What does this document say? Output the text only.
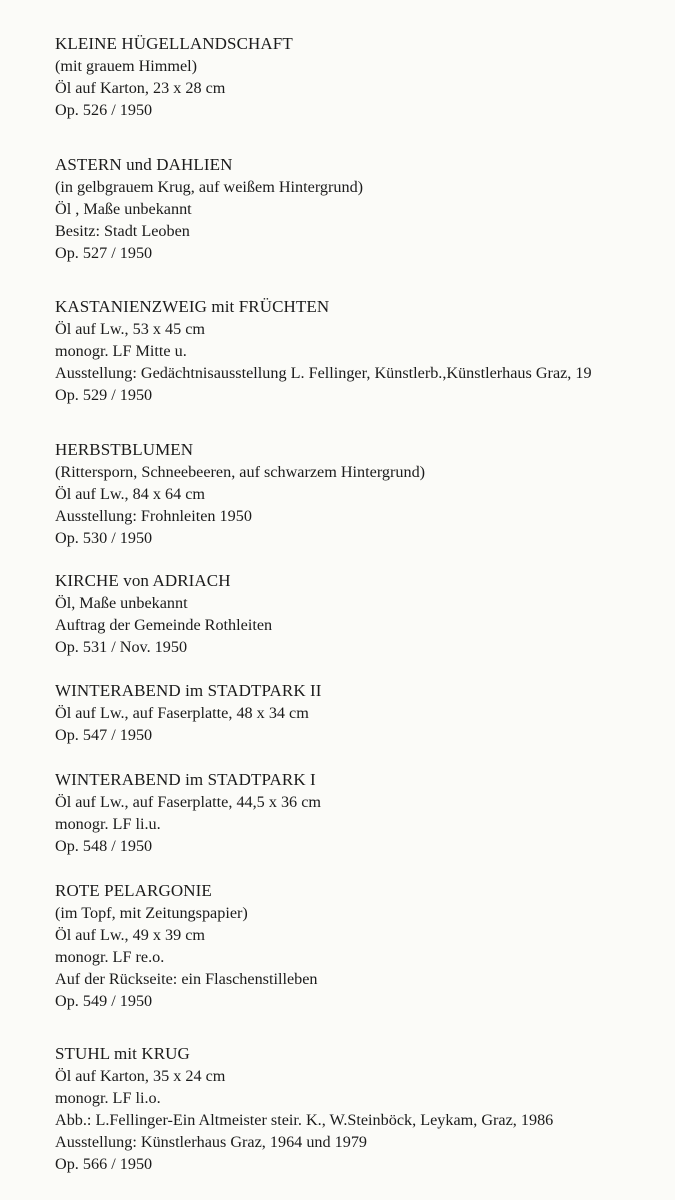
KLEINE HÜGELLANDSCHAFT
(mit grauem Himmel)
Öl auf Karton, 23 x 28 cm
Op. 526 / 1950
ASTERN und DAHLIEN
(in gelbgrauem Krug, auf weißem Hintergrund)
Öl , Maße unbekannt
Besitz: Stadt Leoben
Op. 527 / 1950
KASTANIENZWEIG mit FRÜCHTEN
Öl auf Lw., 53 x 45 cm
monogr. LF Mitte u.
Ausstellung: Gedächtnisausstellung L. Fellinger, Künstlerb.,Künstlerhaus Graz, 19
Op. 529 / 1950
HERBSTBLUMEN
(Rittersporn, Schneebeeren, auf schwarzem Hintergrund)
Öl auf Lw., 84 x 64 cm
Ausstellung: Frohnleiten 1950
Op. 530 / 1950
KIRCHE von ADRIACH
Öl, Maße unbekannt
Auftrag der Gemeinde Rothleiten
Op. 531 / Nov. 1950
WINTERABEND im STADTPARK II
Öl auf Lw., auf Faserplatte, 48 x 34 cm
Op. 547 / 1950
WINTERABEND im STADTPARK I
Öl auf Lw., auf Faserplatte, 44,5 x 36 cm
monogr. LF li.u.
Op. 548 / 1950
ROTE PELARGONIE
(im Topf, mit Zeitungspapier)
Öl auf Lw., 49 x 39 cm
monogr. LF re.o.
Auf der Rückseite: ein Flaschenstilleben
Op. 549 / 1950
STUHL mit KRUG
Öl auf Karton, 35 x 24 cm
monogr. LF li.o.
Abb.: L.Fellinger-Ein Altmeister steir. K., W.Steinböck, Leykam, Graz, 1986
Ausstellung: Künstlerhaus Graz, 1964 und 1979
Op. 566 / 1950
